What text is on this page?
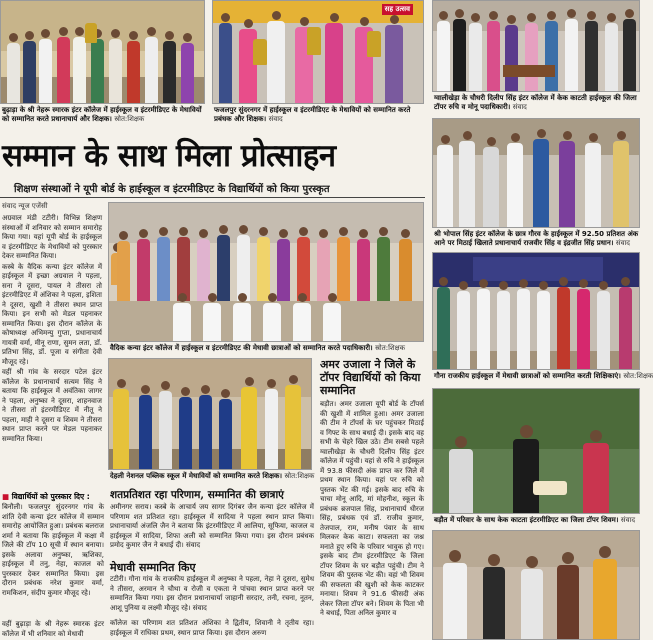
बुढ़ाड़ा के श्री नेहरू स्मारक इंटर कॉलेज में हाईस्कूल व इंटरमीडिएट के मेधावियों को सम्मानित करते प्रधानाचार्य और शिक्षक। स्रोत:शिक्षक
सह उत्सव
फजलपुर सुंदरनगर में हाईस्कूल व इंटरमीडिएट के मेधावियों को सम्मानित करते प्रबंधक और शिक्षक। संवाद
ग्वालीखेड़ा के चौधरी दिलीप सिंह इंटर कॉलेज में केक काटती हाईस्कूल की जिला टॉपर रुचि व मोनू पदाधिकारी। संवाद
सम्मान के साथ मिला प्रोत्साहन
शिक्षण संस्थाओं ने यूपी बोर्ड के हाईस्कूल व इंटरमीडिएट के विद्यार्थियों को किया पुरस्कृत
संवाद न्यूज एजेंसी

अग्रवाल मंडी टटीरी। विभिन्न शिक्षण संस्थाओं में शनिवार को सम्मान समारोह किया गया। यहां यूपी बोर्ड के हाईस्कूल व इंटरमीडिएट के मेधावियों को पुरस्कार देकर सम्मानित किया।

कस्बे के वैदिक कन्या इंटर कॉलेज में हाईस्कूल में इच्छा अग्रवाल ने पहला, सना ने दूसरा, पायल ने तीसरा तो इंटरमीडिएट में अंशिका ने पहला, इशिता ने दूसरा, खुशी ने तीसरा स्थान प्राप्त किया। इन सभी को मेडल पहनाकर सम्मानित किया। इस दौरान कॉलेज के कोषाध्यक्ष अभिमन्यु गुप्ता, प्रधानाचार्य गायत्री वर्मा, मीनू राणा, सुमन लता, डॉ. प्रतिभा सिंह, डॉ. पूजा व संगीता देवी मौजूद रहे।

वहीं श्री गांव के सरदार पटेल इंटर कॉलेज के प्रधानाचार्य सत्यम सिंह ने बताया कि हाईस्कूल में अवंतिका जागर ने पहला, अनुष्का ने दूसरा, शाहनवाज ने तीसरा तो इंटरमीडिएट में नीतू ने पहला, माही ने दूसरा व शिवम ने तीसरा स्थान प्राप्त करने पर मेडल पहनाकर सम्मानित किया।

■ विद्यार्थियों को पुरस्कार दिए :

बिनौली। फजलपुर सुंदरनगर गांव के शांति देवी कन्या इंटर कॉलेज में सम्मान समारोह आयोजित हुआ। प्रबंधक बलराज शर्मा ने बताया कि हाईस्कूल में कक्षा में जिले की टॉप 10 सूची में स्थान बनाया। इसके अलावा अनुष्का, ऋशिका, हाईस्कूल में तनु, नेहा, काजल को पुरस्कार देकर सम्मानित किया। इस दौरान प्रबंधक नरेश कुमार वर्मा, रामकिशन, संदीप कुमार मौजूद रहे।

वहीं बुढ़ाड़ा के श्री नेहरू स्मारक इंटर कॉलेज में भी शनिवार को मेधावी

वैदिक कन्या इंटर कॉलेज में हाईस्कूल व इंटरमीडिएट की मेधावी छात्राओं को सम्मानित करते पदाधिकारी। स्रोत:शिक्षक
देहली नेशनल पब्लिक स्कूल में मेधावियों को सम्मानित करते शिक्षक। स्रोत:शिक्षक
शतप्रतिशत रहा परिणाम, सम्मानित की छात्राएं

अमीनगर सराय। कस्बे के आचार्य जय सागर दिगंबर जैन कन्या इंटर कॉलेज में परिणाम शत प्रतिशत रहा। हाईस्कूल में सादिया ने पहला स्थान प्राप्त किया। प्रधानाचार्या अंजलि जैन ने बताया कि इंटरमीडिएट में आलिया, सूफिया, काजल व हाईस्कूल में सादिया, शिफा अली को सम्मानित किया गया। इस दौरान प्रबंधक प्रमोद कुमार जैन ने बधाई दी। संवाद

मेधावी सम्मानित किए

टटीरी। गौना गांव के राजकीय हाईस्कूल में अनुष्का ने पहला, नेहा ने दूसरा, सुमेध ने तीसरा, अरमान ने चौथा व रोजी व एकता ने पांचवा स्थान प्राप्त करने पर सम्मानित किया गया। इस दौरान प्रधानाचार्या जाहानी सरदार, तनी, रचना, नूतन, आशू पुनिया व लक्ष्मी मौजूद रहे। संवाद

कॉलेज का परिणाम शत प्रतिशत अंशिका ने द्वितीय, शिवानी ने तृतीय रहा। हाईस्कूल में राधिका प्रथम, स्थान प्राप्त किया। इस दौरान अरुण

अमर उजाला ने जिले के टॉपर विद्यार्थियों को किया सम्मानित

बड़ौत। अमर उजाला यूपी बोर्ड के टॉपर्स की खुशी में शामिल हुआ। अमर उजाला की टीम ने टॉपर्स के घर पहुंचकर मिठाई व गिफ्ट के साथ बधाई दी। इसके बाद वह सभी के चेहरे खिल उठे। टीम सबसे पहले ग्वालीखेड़ा के चौधरी दिलीप सिंह इंटर कॉलेज में पहुंची। यहां से रुचि ने हाईस्कूल में 93.8 फीसदी अंक प्राप्त कर जिले में प्रथम स्थान किया। यहां पर रुचि को पुस्तक भेंट की गई। इसके बाद रुचि के चाचा मोनू आदि, मां मोहनीश, स्कूल के प्रबंधक ब्रजपाल सिंह, प्रधानाचार्य धीरज सिंह, प्रबंधक एवं डॉ. राजीव कुमार, तेजपाल, राम, मनीष पंवार के साथ मिलकर केक काटा। सफलता का जश्न मनाते हुए रुचि के परिवार भावुक हो गए। इसके बाद टीम इंटरमीडिएट के जिला टॉपर शिवम के घर बड़ौत पहुंची। टीम ने शिवम की पुस्तक भेंट की। वहां भी शिवम की सफलता की खुशी को केक काटकर मनाया। शिवम ने 91.6 फीसदी अंक लेकर जिला टॉपर बने। शिवम के पिता भी ने बधाई, पिता अनिल कुमार व

श्री भोपाल सिंह इंटर कॉलेज के छात्र गौरव के हाईस्कूल में 92.50 प्रतिशत अंक आने पर मिठाई खिलाते प्रधानाचार्य राजवीर सिंह व इंद्रजीत सिंह प्रधान। संवाद
गौना राजकीय हाईस्कूल में मेधावी छात्राओं को सम्मानित करती शिक्षिकाएं। स्रोत:शिक्षक
बड़ौत में परिवार के साथ केक काटता इंटरमीडिएट का जिला टॉपर शिवम। संवाद
